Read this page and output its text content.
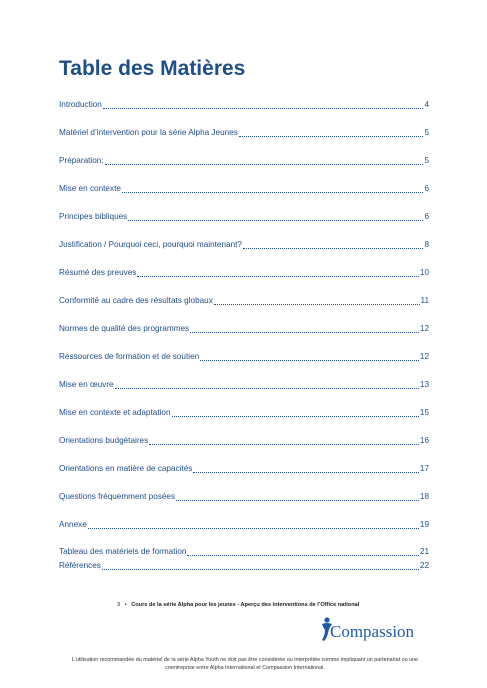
Table des Matières
Introduction	4
Matériel d’intervention pour la série Alpha Jeunes	5
Préparation:	5
Mise en contexte	6
Principes bibliques	6
Justification / Pourquoi ceci, pourquoi maintenant?	8
Résumé des preuves	10
Conformité au cadre des résultats globaux	11
Normes de qualité des programmes	12
Ressources de formation et de soutien	12
Mise en œuvre	13
Mise en contexte et adaptation	15
Orientations budgétaires	16
Orientations en matière de capacités	17
Questions fréquemment posées	18
Annexe	19
Tableau des matériels de formation	21
Références	22
3 • Cours de la série Alpha pour les jeunes - Aperçu des interventions de l’Office national
Compassion
L’utilisation recommandée du matériel de la série Alpha Youth ne doit pas être considérée ou interprétée comme impliquant un partenariat ou une coentreprise entre Alpha International et Compassion International.
